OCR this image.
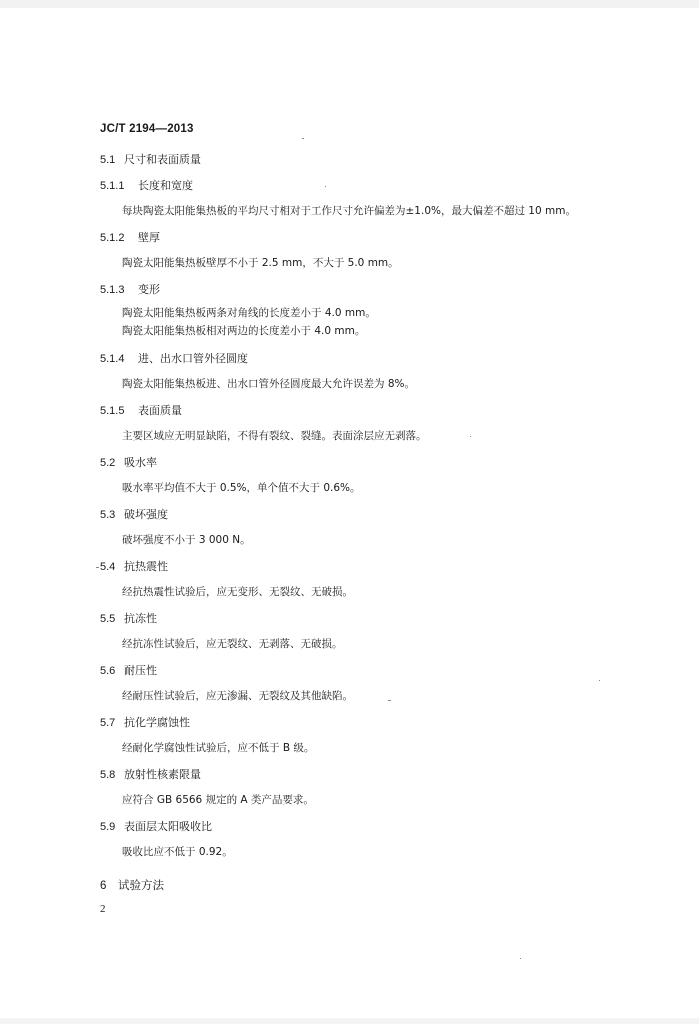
JC/T 2194—2013
5.1 尺寸和表面质量
5.1.1 长度和宽度
每块陶瓷太阳能集热板的平均尺寸相对于工作尺寸允许偏差为±1.0%，最大偏差不超过 10 mm。
5.1.2 壁厚
陶瓷太阳能集热板壁厚不小于 2.5 mm，不大于 5.0 mm。
5.1.3 变形
陶瓷太阳能集热板两条对角线的长度差小于 4.0 mm。
陶瓷太阳能集热板相对两边的长度差小于 4.0 mm。
5.1.4 进、出水口管外径圆度
陶瓷太阳能集热板进、出水口管外径圆度最大允许误差为 8%。
5.1.5 表面质量
主要区域应无明显缺陷，不得有裂纹、裂缝。表面涂层应无剥落。
5.2 吸水率
吸水率平均值不大于 0.5%，单个值不大于 0.6%。
5.3 破坏强度
破坏强度不小于 3 000 N。
5.4 抗热震性
经抗热震性试验后，应无变形、无裂纹、无破损。
5.5 抗冻性
经抗冻性试验后，应无裂纹、无剥落、无破损。
5.6 耐压性
经耐压性试验后，应无渗漏、无裂纹及其他缺陷。
5.7 抗化学腐蚀性
经耐化学腐蚀性试验后，应不低于 B 级。
5.8 放射性核素限量
应符合 GB 6566 规定的 A 类产品要求。
5.9 表面层太阳吸收比
吸收比应不低于 0.92。
6 试验方法
2
